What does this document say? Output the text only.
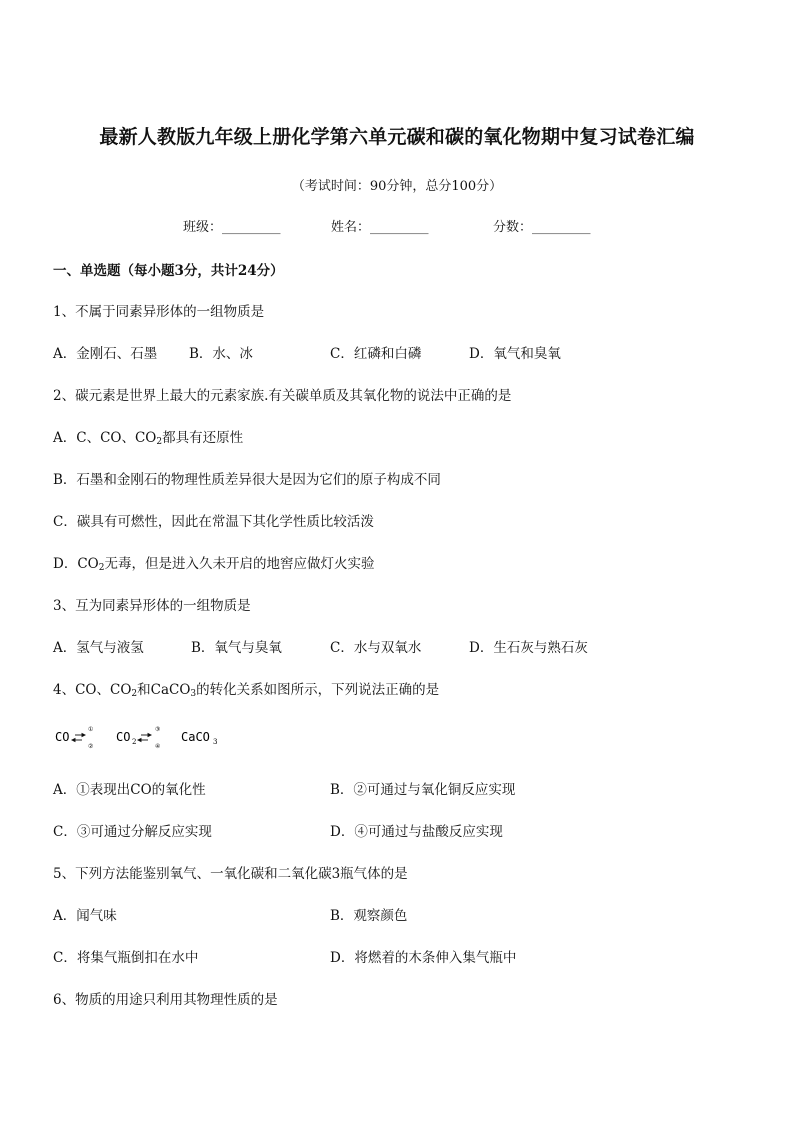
最新人教版九年级上册化学第六单元碳和碳的氧化物期中复习试卷汇编
（考试时间：90分钟，总分100分）
班级：_________	姓名：_________	分数：_________
一、单选题（每小题3分，共计24分）
1、不属于同素异形体的一组物质是
A．金刚石、石墨 B．水、冰	C．红磷和白磷	D．氧气和臭氧
2、碳元素是世界上最大的元素家族.有关碳单质及其氧化物的说法中正确的是
A．C、CO、$CO_2$都具有还原性
B．石墨和金刚石的物理性质差异很大是因为它们的原子构成不同
C．碳具有可燃性，因此在常温下其化学性质比较活泼
D．$CO_2$无毒，但是进入久未开启的地窖应做灯火实验
3、互为同素异形体的一组物质是
A．氢气与液氢	B．氧气与臭氧	C．水与双氧水	D．生石灰与熟石灰
4、CO、$CO_2$和CaCO$_3$的转化关系如图所示，下列说法正确的是
CO
①
②
CO 2
③
④
CaCO 3
A．①表现出CO的氧化性	B．②可通过与氧化铜反应实现
C．③可通过分解反应实现	D．④可通过与盐酸反应实现
5、下列方法能鉴别氧气、一氧化碳和二氧化碳3瓶气体的是
A．闻气味	B．观察颜色
C．将集气瓶倒扣在水中	D．将燃着的木条伸入集气瓶中
6、物质的用途只利用其物理性质的是
